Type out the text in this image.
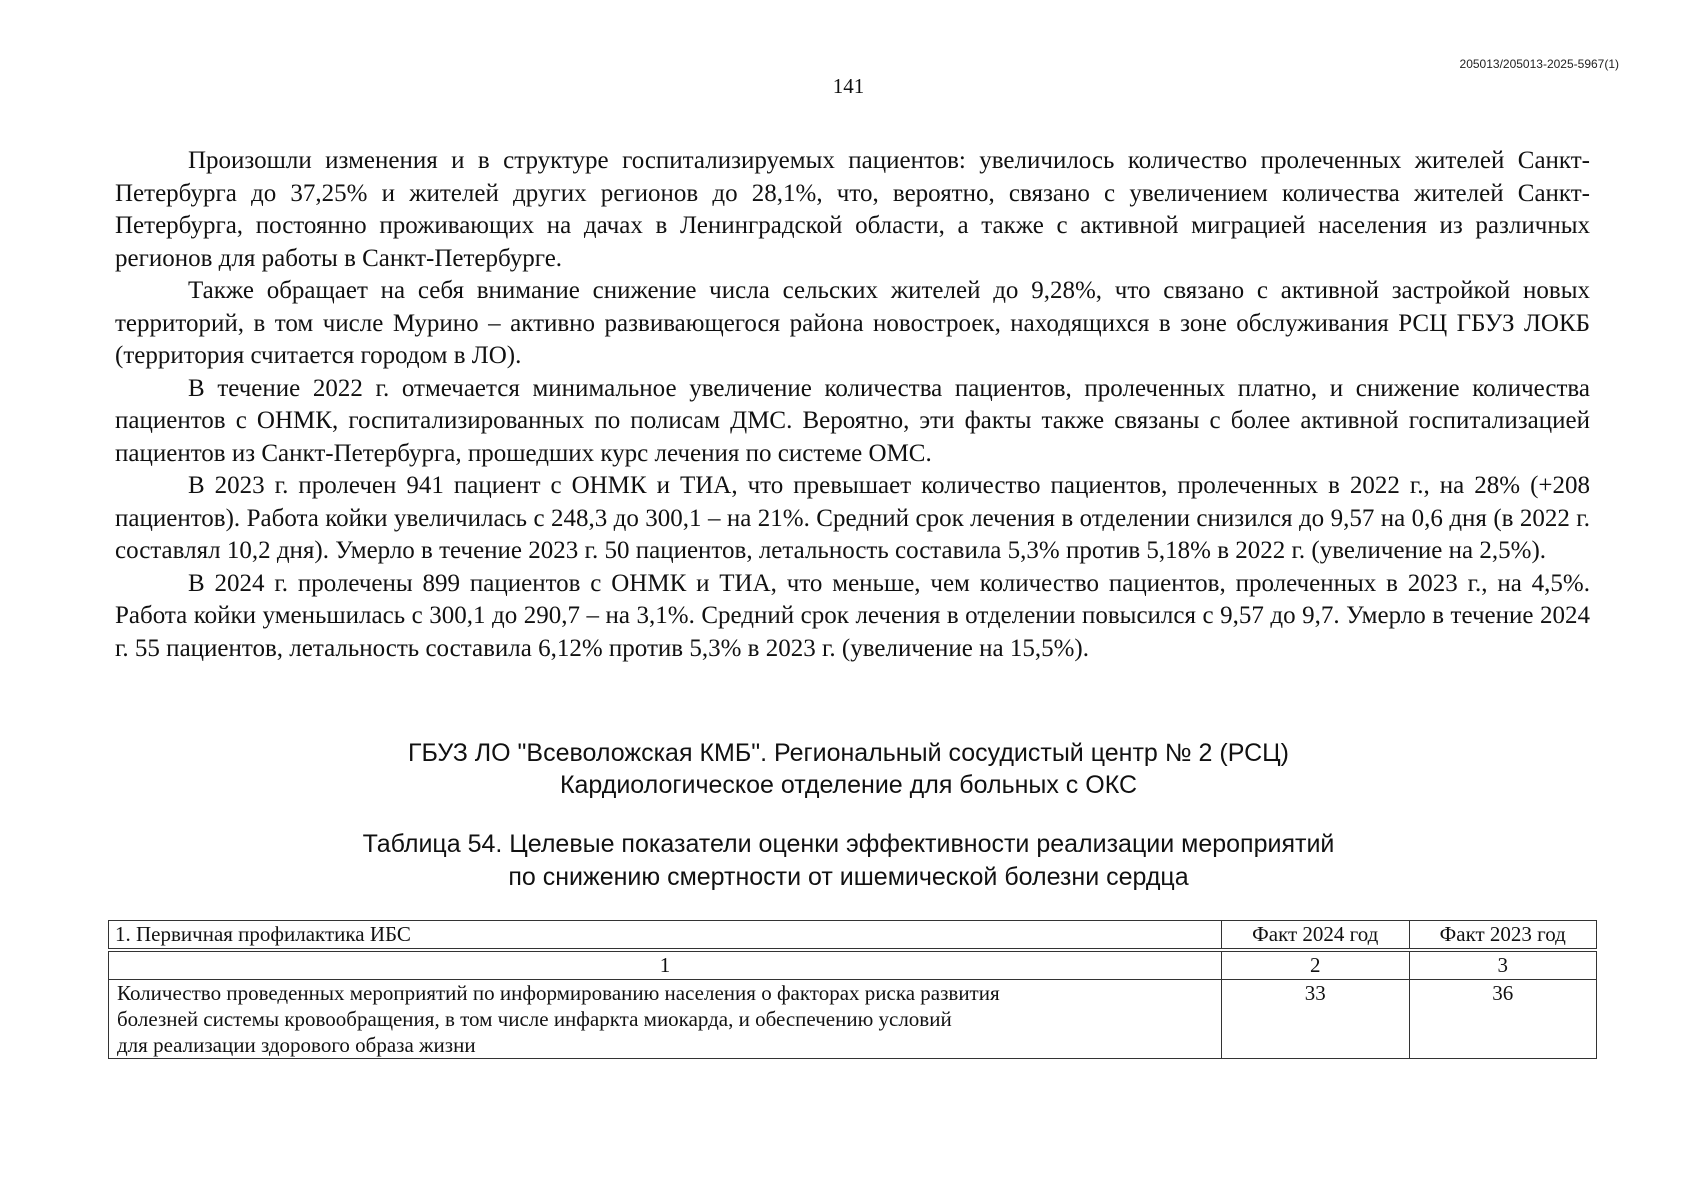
205013/205013-2025-5967(1)
141

Произошли изменения и в структуре госпитализируемых пациентов: увеличилось количество пролеченных жителей Санкт-Петербурга до 37,25% и жителей других регионов до 28,1%, что, вероятно, связано с увеличением количества жителей Санкт-Петербурга, постоянно проживающих на дачах в Ленинградской области, а также с активной миграцией населения из различных регионов для работы в Санкт-Петербурге.

Также обращает на себя внимание снижение числа сельских жителей до 9,28%, что связано с активной застройкой новых территорий, в том числе Мурино – активно развивающегося района новостроек, находящихся в зоне обслуживания РСЦ ГБУЗ ЛОКБ (территория считается городом в ЛО).

В течение 2022 г. отмечается минимальное увеличение количества пациентов, пролеченных платно, и снижение количества пациентов с ОНМК, госпитализированных по полисам ДМС. Вероятно, эти факты также связаны с более активной госпитализацией пациентов из Санкт-Петербурга, прошедших курс лечения по системе ОМС.

В 2023 г. пролечен 941 пациент с ОНМК и ТИА, что превышает количество пациентов, пролеченных в 2022 г., на 28% (+208 пациентов). Работа койки увеличилась с 248,3 до 300,1 – на 21%. Средний срок лечения в отделении снизился до 9,57 на 0,6 дня (в 2022 г. составлял 10,2 дня). Умерло в течение 2023 г. 50 пациентов, летальность составила 5,3% против 5,18% в 2022 г. (увеличение на 2,5%).

В 2024 г. пролечены 899 пациентов с ОНМК и ТИА, что меньше, чем количество пациентов, пролеченных в 2023 г., на 4,5%. Работа койки уменьшилась с 300,1 до 290,7 – на 3,1%. Средний срок лечения в отделении повысился с 9,57 до 9,7. Умерло в течение 2024 г. 55 пациентов, летальность составила 6,12% против 5,3% в 2023 г. (увеличение на 15,5%).

ГБУЗ ЛО "Всеволожская КМБ". Региональный сосудистый центр № 2 (РСЦ)
Кардиологическое отделение для больных с ОКС
Таблица 54. Целевые показатели оценки эффективности реализации мероприятий
по снижению смертности от ишемической болезни сердца
1. Первичная профилактика ИБС	Факт 2024 год	Факт 2023 год

1	2	3

Количество проведенных мероприятий по информированию населения о факторах риска развития
болезней системы кровообращения, в том числе инфаркта миокарда, и обеспечению условий
для реализации здорового образа жизни	33	36
